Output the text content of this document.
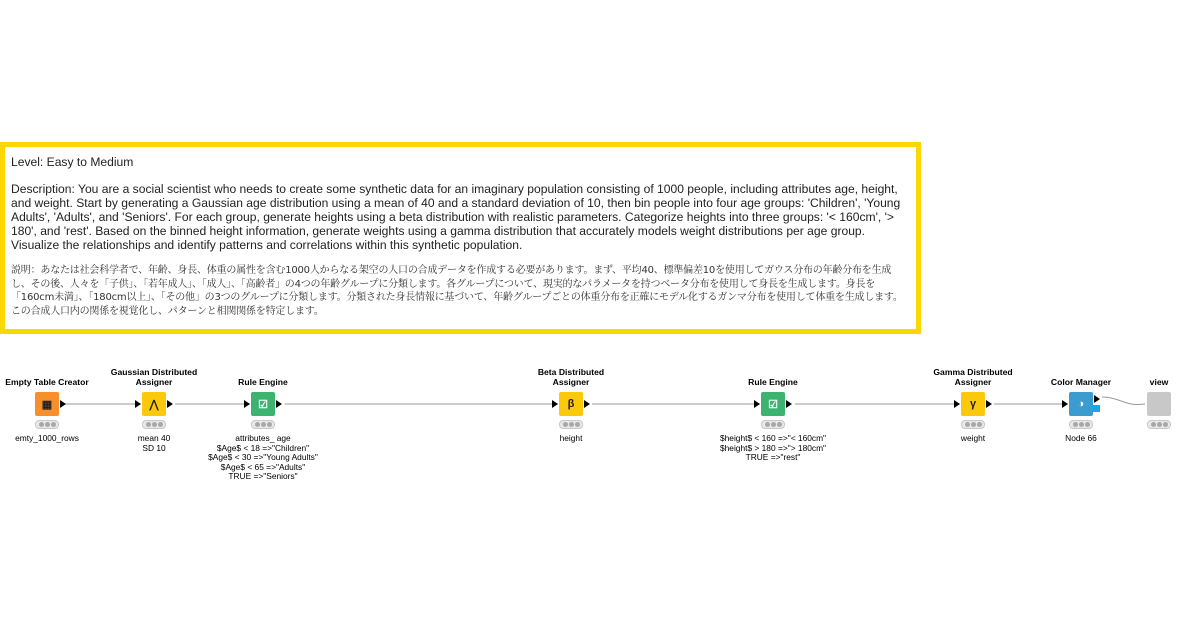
Level: Easy to Medium

Description: You are a social scientist who needs to create some synthetic data for an imaginary population consisting of 1000 people, including attributes age, height, and weight. Start by generating a Gaussian age distribution using a mean of 40 and a standard deviation of 10, then bin people into four age groups: 'Children', 'Young Adults', 'Adults', and 'Seniors'. For each group, generate heights using a beta distribution with realistic parameters. Categorize heights into three groups: '< 160cm', '> 180', and 'rest'. Based on the binned height information, generate weights using a gamma distribution that accurately models weight distributions per age group. Visualize the relationships and identify patterns and correlations within this synthetic population.

説明：あなたは社会科学者で、年齢、身長、体重の属性を含む1000人からなる架空の人口の合成データを作成する必要があります。まず、平均40、標準偏差10を使用してガウス分布の年齢分布を生成し、その後、人々を「子供」、「若年成人」、「成人」、「高齢者」の4つの年齢グループに分類します。各グループについて、現実的なパラメータを持つベータ分布を使用して身長を生成します。身長を「160cm未満」、「180cm以上」、「その他」の3つのグループに分類します。分類された身長情報に基づいて、年齢グループごとの体重分布を正確にモデル化するガンマ分布を使用して体重を生成します。この合成人口内の関係を視覚化し、パターンと相関関係を特定します。

Empty Table Creator
▦
emty_1000_rows
Gaussian Distributed
Assigner
⋀
mean 40
SD 10
Rule Engine
☑
attributes_ age
$Age$ < 18 =>"Children"
$Age$ < 30 =>"Young Adults"
$Age$ < 65 =>"Adults"
TRUE =>"Seniors"
Beta Distributed
Assigner
β
height
Rule Engine
☑
$height$ < 160 =>"< 160cm"
$height$ > 180 =>"> 180cm"
TRUE =>"rest"
Gamma Distributed
Assigner
γ
weight
Color Manager
◑
Node 66
view
